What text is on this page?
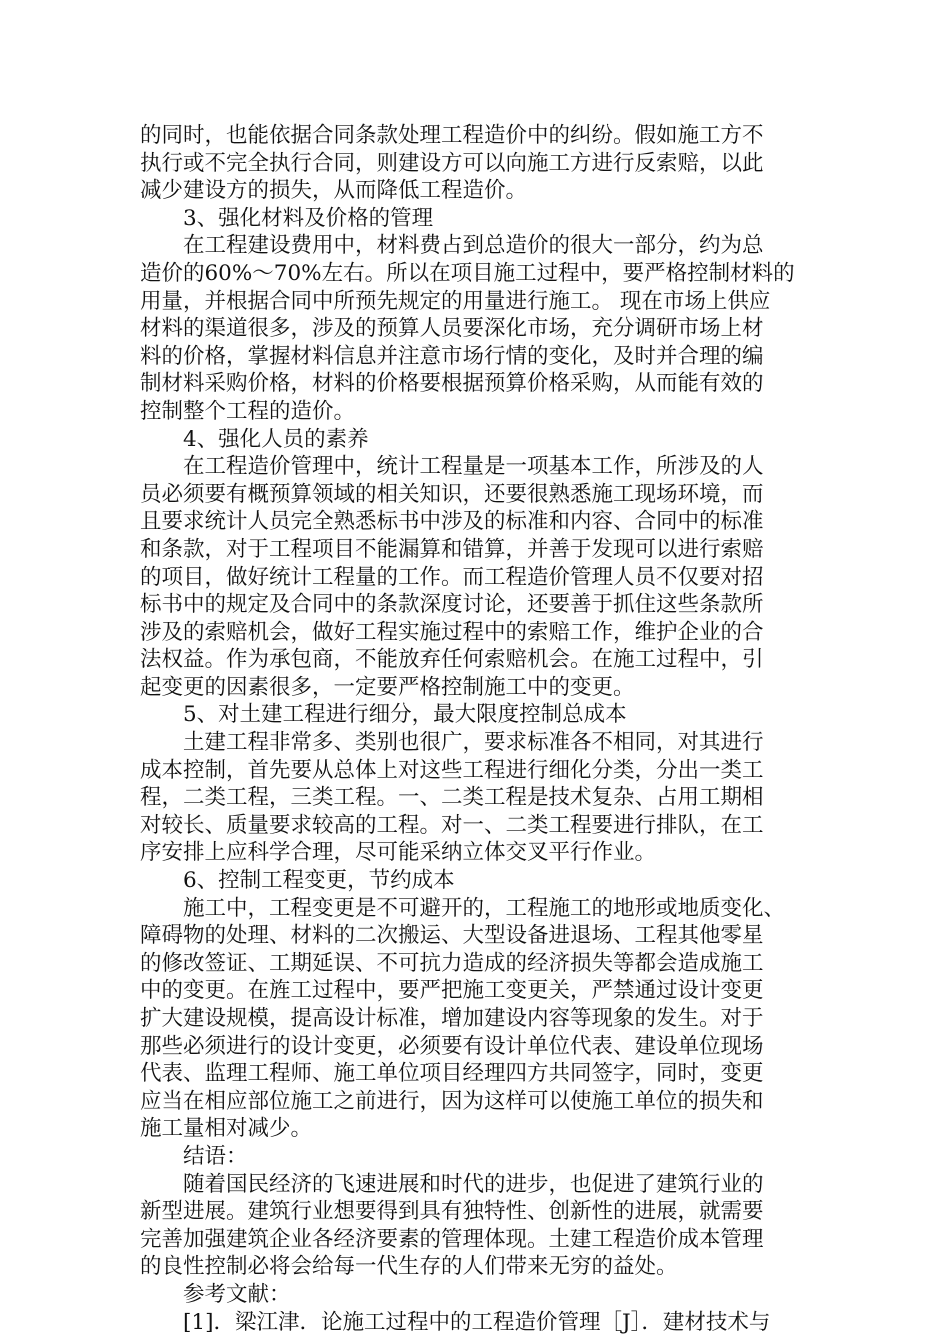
的同时，也能依据合同条款处理工程造价中的纠纷。假如施工方不
执行或不完全执行合同，则建设方可以向施工方进行反索赔，以此
减少建设方的损失，从而降低工程造价。
3、强化材料及价格的管理
在工程建设费用中，材料费占到总造价的很大一部分，约为总
造价的60%～70%左右。所以在项目施工过程中，要严格控制材料的
用量，并根据合同中所预先规定的用量进行施工。 现在市场上供应
材料的渠道很多，涉及的预算人员要深化市场，充分调研市场上材
料的价格，掌握材料信息并注意市场行情的变化，及时并合理的编
制材料采购价格，材料的价格要根据预算价格采购，从而能有效的
控制整个工程的造价。
4、强化人员的素养
在工程造价管理中，统计工程量是一项基本工作，所涉及的人
员必须要有概预算领域的相关知识，还要很熟悉施工现场环境，而
且要求统计人员完全熟悉标书中涉及的标准和内容、合同中的标准
和条款，对于工程项目不能漏算和错算，并善于发现可以进行索赔
的项目，做好统计工程量的工作。而工程造价管理人员不仅要对招
标书中的规定及合同中的条款深度讨论，还要善于抓住这些条款所
涉及的索赔机会，做好工程实施过程中的索赔工作，维护企业的合
法权益。作为承包商，不能放弃任何索赔机会。在施工过程中，引
起变更的因素很多，一定要严格控制施工中的变更。
5、对土建工程进行细分，最大限度控制总成本
土建工程非常多、类别也很广，要求标准各不相同，对其进行
成本控制，首先要从总体上对这些工程进行细化分类，分出一类工
程，二类工程，三类工程。一、二类工程是技术复杂、占用工期相
对较长、质量要求较高的工程。对一、二类工程要进行排队，在工
序安排上应科学合理，尽可能采纳立体交叉平行作业。
6、控制工程变更，节约成本
施工中，工程变更是不可避开的，工程施工的地形或地质变化、
障碍物的处理、材料的二次搬运、大型设备进退场、工程其他零星
的修改签证、工期延误、不可抗力造成的经济损失等都会造成施工
中的变更。在旌工过程中，要严把施工变更关，严禁通过设计变更
扩大建设规模，提高设计标准，增加建设内容等现象的发生。对于
那些必须进行的设计变更，必须要有设计单位代表、建设单位现场
代表、监理工程师、施工单位项目经理四方共同签字，同时，变更
应当在相应部位施工之前进行，因为这样可以使施工单位的损失和
施工量相对减少。
结语：
随着国民经济的飞速进展和时代的进步，也促进了建筑行业的
新型进展。建筑行业想要得到具有独特性、创新性的进展，就需要
完善加强建筑企业各经济要素的管理体现。土建工程造价成本管理
的良性控制必将会给每一代生存的人们带来无穷的益处。
参考文献：
[1]．梁江津．论施工过程中的工程造价管理［J］．建材技术与
